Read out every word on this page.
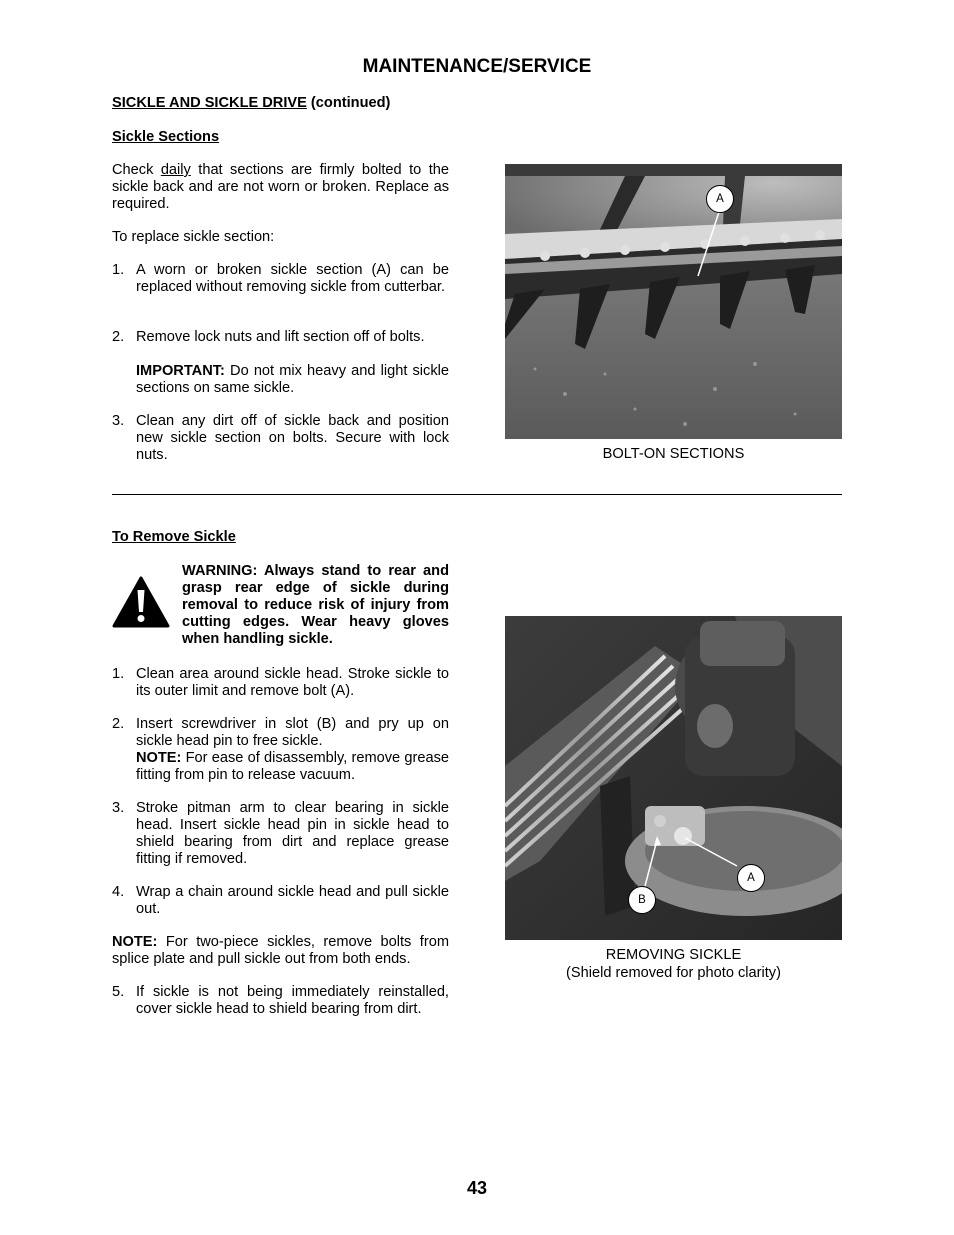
MAINTENANCE/SERVICE
SICKLE AND SICKLE DRIVE (continued)
Sickle Sections
Check daily that sections are firmly bolted to the sickle back and are not worn or broken. Replace as required.
To replace sickle section:
1. A worn or broken sickle section (A) can be replaced without removing sickle from cutterbar.
2. Remove lock nuts and lift section off of bolts.
IMPORTANT: Do not mix heavy and light sickle sections on same sickle.
3. Clean any dirt off of sickle back and position new sickle section on bolts. Secure with lock nuts.
A
BOLT-ON SECTIONS
To Remove Sickle
WARNING: Always stand to rear and grasp rear edge of sickle during removal to reduce risk of injury from cutting edges. Wear heavy gloves when handling sickle.
1. Clean area around sickle head. Stroke sickle to its outer limit and remove bolt (A).
2. Insert screwdriver in slot (B) and pry up on sickle head pin to free sickle.
NOTE: For ease of disassembly, remove grease fitting from pin to release vacuum.
3. Stroke pitman arm to clear bearing in sickle head. Insert sickle head pin in sickle head to shield bearing from dirt and replace grease fitting if removed.
4. Wrap a chain around sickle head and pull sickle out.
NOTE: For two-piece sickles, remove bolts from splice plate and pull sickle out from both ends.
5. If sickle is not being immediately reinstalled, cover sickle head to shield bearing from dirt.
A
B
REMOVING SICKLE
(Shield removed for photo clarity)
43
